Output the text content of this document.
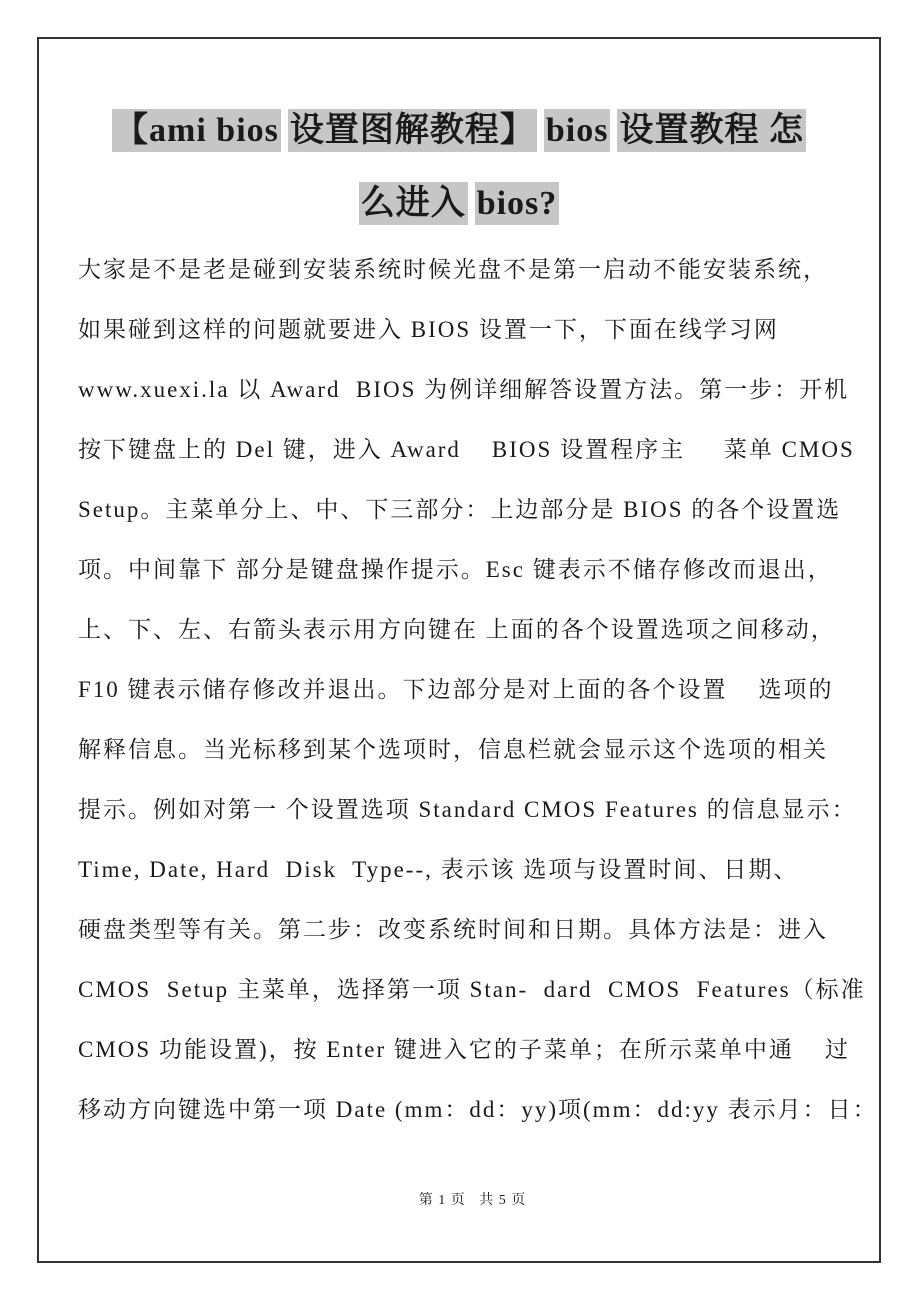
【ami bios 设置图解教程】 bios 设置教程 怎
么进入 bios?
大家是不是老是碰到安装系统时候光盘不是第一启动不能安装系统，
如果碰到这样的问题就要进入 BIOS 设置一下，下面在线学习网
www.xuexi.la 以 Award  BIOS 为例详细解答设置方法。第一步：开机
按下键盘上的 Del 键，进入 Award    BIOS 设置程序主     菜单 CMOS
Setup。主菜单分上、中、下三部分：上边部分是 BIOS 的各个设置选
项。中间靠下 部分是键盘操作提示。Esc 键表示不储存修改而退出，
上、下、左、右箭头表示用方向键在 上面的各个设置选项之间移动，
F10 键表示储存修改并退出。下边部分是对上面的各个设置    选项的
解释信息。当光标移到某个选项时，信息栏就会显示这个选项的相关
提示。例如对第一 个设置选项 Standard CMOS Features 的信息显示：
Time, Date, Hard  Disk  Type--, 表示该 选项与设置时间、日期、
硬盘类型等有关。第二步：改变系统时间和日期。具体方法是：进入
CMOS  Setup 主菜单，选择第一项 Stan-  dard  CMOS  Features（标准
CMOS 功能设置)，按 Enter 键进入它的子菜单；在所示菜单中通    过
移动方向键选中第一项 Date (mm：dd：yy)项(mm：dd:yy 表示月：日：

第 1 页   共 5 页
